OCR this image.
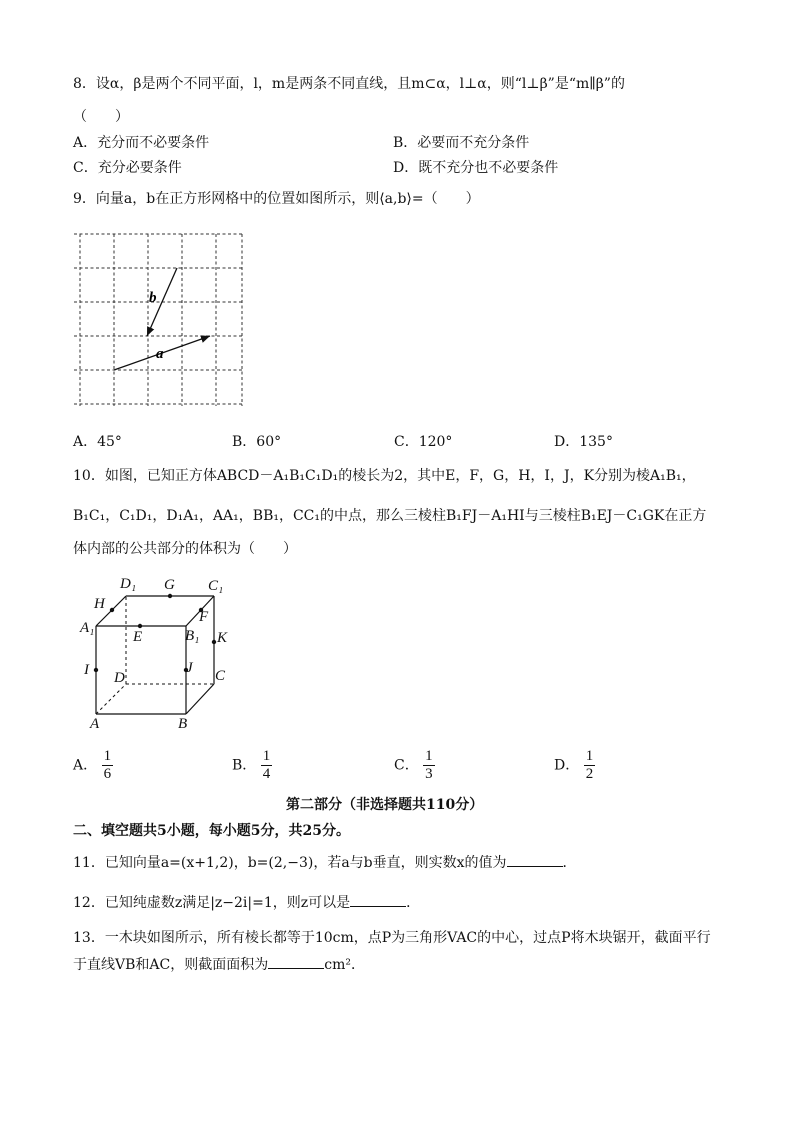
8．设α，β是两个不同平面，l，m是两条不同直线，且m⊂α，l⊥α，则“l⊥β”是“m∥β”的
（　　）
A．充分而不必要条件	B．必要而不充分条件
C．充分必要条件	D．既不充分也不必要条件
9．向量a，b在正方形网格中的位置如图所示，则⟨a,b⟩=（　　）
b
a
A．45°	B．60°	C．120°	D．135°
10．如图，已知正方体ABCD－A₁B₁C₁D₁的棱长为2，其中E，F，G，H，I，J，K分别为棱A₁B₁，
B₁C₁，C₁D₁，D₁A₁，AA₁，BB₁，CC₁的中点，那么三棱柱B₁FJ－A₁HI与三棱柱B₁EJ－C₁GK在正方
体内部的公共部分的体积为（　　）
D₁ G C₁
H
F
A₁
E	B₁ K
I	J C
D
A	B
A． $\frac{1}{6}$	B． $\frac{1}{4}$	C． $\frac{1}{3}$	D． $\frac{1}{2}$
第二部分（非选择题共110分）
二、填空题共5小题，每小题5分，共25分。
11．已知向量a=(x+1,2)，b=(2,−3)，若a与b垂直，则实数x的值为	．
12．已知纯虚数z满足|z−2i|=1，则z可以是	．
13．一木块如图所示，所有棱长都等于10cm，点P为三角形VAC的中心，过点P将木块锯开，截面平行
于直线VB和AC，则截面面积为	cm²．
